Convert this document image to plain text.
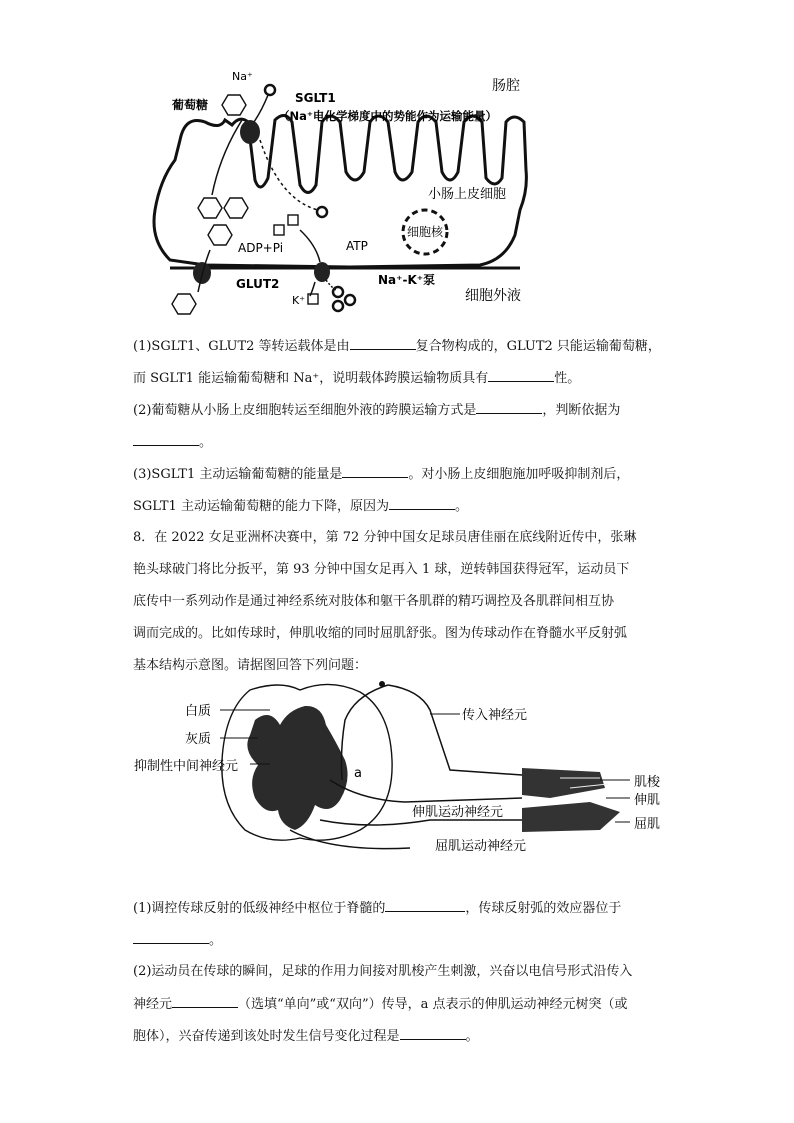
Na⁺
葡萄糖	SGLT1
（Na⁺电化学梯度中的势能作为运输能量）
肠腔
小肠上皮细胞
细胞核
ADP+Pi	ATP
GLUT2	Na⁺-K⁺泵
K⁺	细胞外液
(1)SGLT1、GLUT2 等转运载体是由	复合物构成的，GLUT2 只能运输葡萄糖，
而 SGLT1 能运输葡萄糖和 Na⁺，说明载体跨膜运输物质具有	性。
(2)葡萄糖从小肠上皮细胞转运至细胞外液的跨膜运输方式是	，判断依据为
。
(3)SGLT1 主动运输葡萄糖的能量是	。对小肠上皮细胞施加呼吸抑制剂后，
SGLT1 主动运输葡萄糖的能力下降，原因为	。
8．在 2022 女足亚洲杯决赛中，第 72 分钟中国女足球员唐佳丽在底线附近传中，张琳
艳头球破门将比分扳平，第 93 分钟中国女足再入 1 球，逆转韩国获得冠军，运动员下
底传中一系列动作是通过神经系统对肢体和躯干各肌群的精巧调控及各肌群间相互协
调而完成的。比如传球时，伸肌收缩的同时屈肌舒张。图为传球动作在脊髓水平反射弧
基本结构示意图。请据图回答下列问题：
白质
灰质
抑制性中间神经元	a
传入神经元
肌梭
伸肌
伸肌运动神经元
屈肌
屈肌运动神经元
(1)调控传球反射的低级神经中枢位于脊髓的	，传球反射弧的效应器位于
。
(2)运动员在传球的瞬间，足球的作用力间接对肌梭产生刺激，兴奋以电信号形式沿传入
神经元	（选填“单向”或“双向”）传导，a 点表示的伸肌运动神经元树突（或
胞体），兴奋传递到该处时发生信号变化过程是	。
